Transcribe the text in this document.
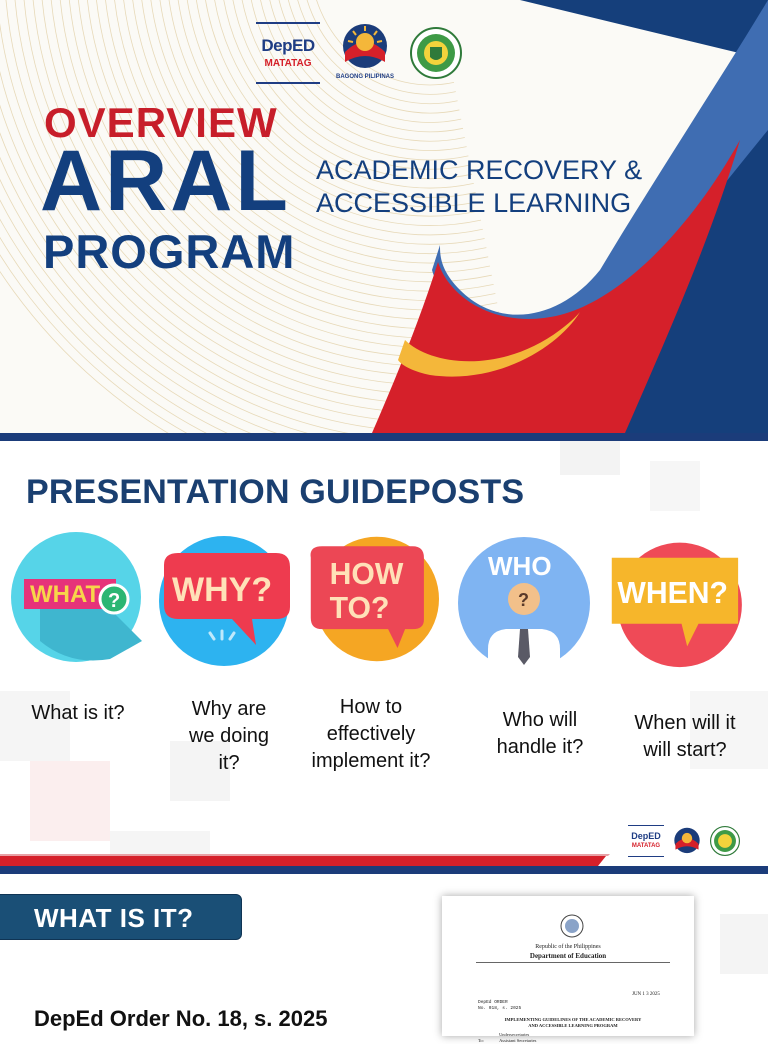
DepED
MATATAG
BAGONG PILIPINAS
OVERVIEW
ARAL
PROGRAM
ACADEMIC RECOVERY &
ACCESSIBLE LEARNING
PRESENTATION GUIDEPOSTS
WHAT ? WHY? HOW
TO?
WHO
?	WHEN?
What is it?	Why are
we doing
it?
How to
effectively
implement it?
Who will
handle it?
When will it
will start?
DepED
MATATAG
WHAT IS IT?
DepEd Order No. 18, s. 2025
Republic of the Philippines
Department of Education
JUN 1 3 2025
DepEd ORDER
No. 018, s. 2025
IMPLEMENTING GUIDELINES OF THE ACADEMIC RECOVERY
AND ACCESSIBLE LEARNING PROGRAM
To:
Undersecretaries
Assistant Secretaries
